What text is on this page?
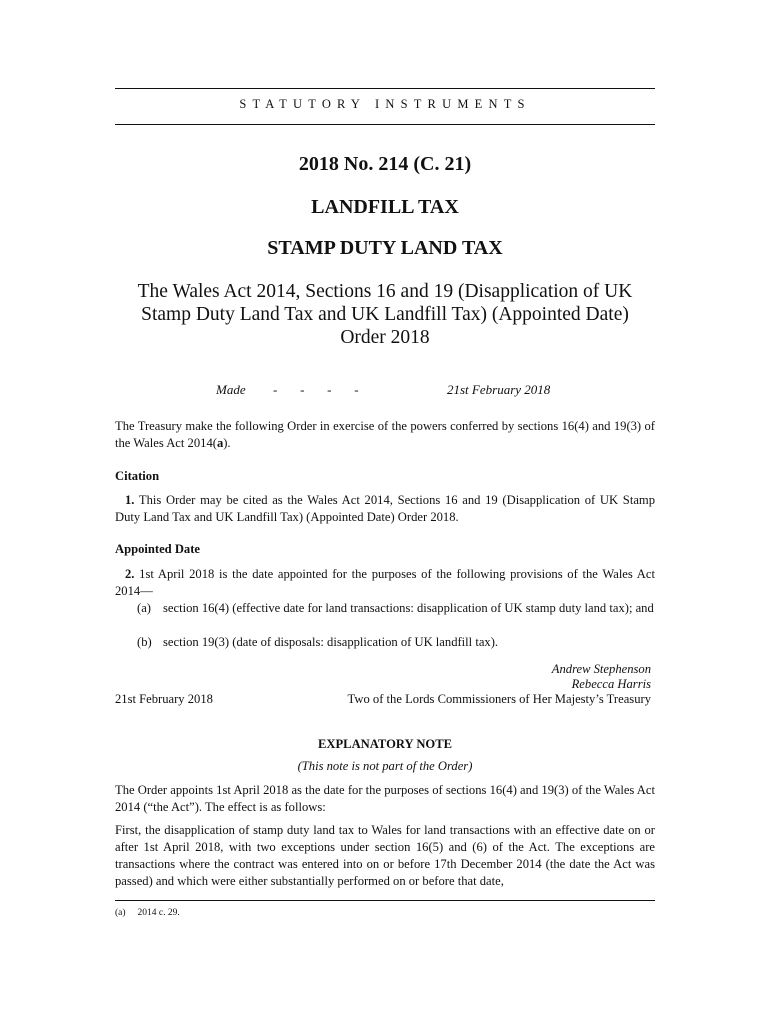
STATUTORY INSTRUMENTS
2018 No. 214 (C. 21)
LANDFILL TAX
STAMP DUTY LAND TAX
The Wales Act 2014, Sections 16 and 19 (Disapplication of UK
Stamp Duty Land Tax and UK Landfill Tax) (Appointed Date)
Order 2018
Made -       -       -       -	21st February 2018
The Treasury make the following Order in exercise of the powers conferred by sections 16(4) and 19(3) of the Wales Act 2014(a).
Citation
1. This Order may be cited as the Wales Act 2014, Sections 16 and 19 (Disapplication of UK Stamp Duty Land Tax and UK Landfill Tax) (Appointed Date) Order 2018.
Appointed Date
2. 1st April 2018 is the date appointed for the purposes of the following provisions of the Wales Act 2014—
(a) section 16(4) (effective date for land transactions: disapplication of UK stamp duty land tax); and
(b) section 19(3) (date of disposals: disapplication of UK landfill tax).
Andrew Stephenson
Rebecca Harris
21st February 2018	Two of the Lords Commissioners of Her Majesty’s Treasury
EXPLANATORY NOTE
(This note is not part of the Order)
The Order appoints 1st April 2018 as the date for the purposes of sections 16(4) and 19(3) of the Wales Act 2014 (“the Act”). The effect is as follows:
First, the disapplication of stamp duty land tax to Wales for land transactions with an effective date on or after 1st April 2018, with two exceptions under section 16(5) and (6) of the Act. The exceptions are transactions where the contract was entered into on or before 17th December 2014 (the date the Act was passed) and which were either substantially performed on or before that date,
(a) 2014 c. 29.
